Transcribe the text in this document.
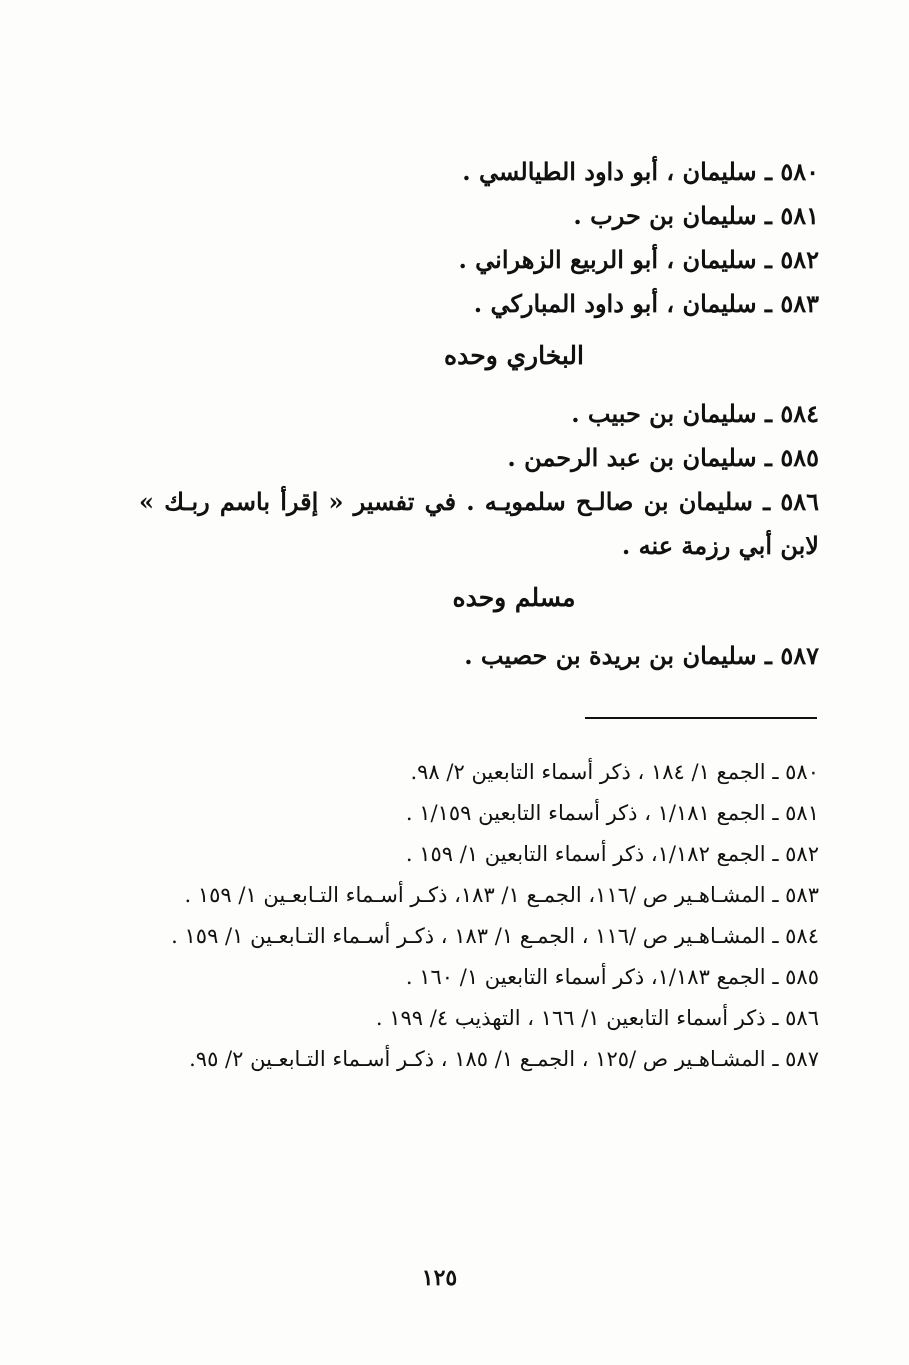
٥٨٠ ـ سليمان ، أبو داود الطيالسي .

٥٨١ ـ سليمان بن حرب .

٥٨٢ ـ سليمان ، أبو الربيع الزهراني .

٥٨٣ ـ سليمان ، أبو داود المباركي .

البخاري وحده

٥٨٤ ـ سليمان بن حبيب .

٥٨٥ ـ سليمان بن عبد الرحمن .

٥٨٦ ـ سليمان بن صالـح سلمويـه . في تفسير « إقرأ باسم ربـك » لابن أبي رزمة عنه .

مسلم وحده

٥٨٧ ـ سليمان بن بريدة بن حصيب .

٥٨٠ ـ الجمع ١/ ١٨٤ ، ذكر أسماء التابعين ٢/ ٩٨.

٥٨١ ـ الجمع ١/١٨١ ، ذكر أسماء التابعين ١/١٥٩ .

٥٨٢ ـ الجمع ١/١٨٢، ذكر أسماء التابعين ١/ ١٥٩ .

٥٨٣ ـ المشـاهـير ص /١١٦، الجمـع ١/ ١٨٣، ذكـر أسـماء التـابعـين ١/ ١٥٩ .

٥٨٤ ـ المشـاهـير ص /١١٦ ، الجمـع ١/ ١٨٣ ، ذكـر أسـماء التـابعـين ١/ ١٥٩ .

٥٨٥ ـ الجمع ١/١٨٣، ذكر أسماء التابعين ١/ ١٦٠ .

٥٨٦ ـ ذكر أسماء التابعين ١/ ١٦٦ ، التهذيب ٤/ ١٩٩ .

٥٨٧ ـ المشـاهـير ص /١٢٥ ، الجمـع ١/ ١٨٥ ، ذكـر أسـماء التـابعـين ٢/ ٩٥.

١٢٥
